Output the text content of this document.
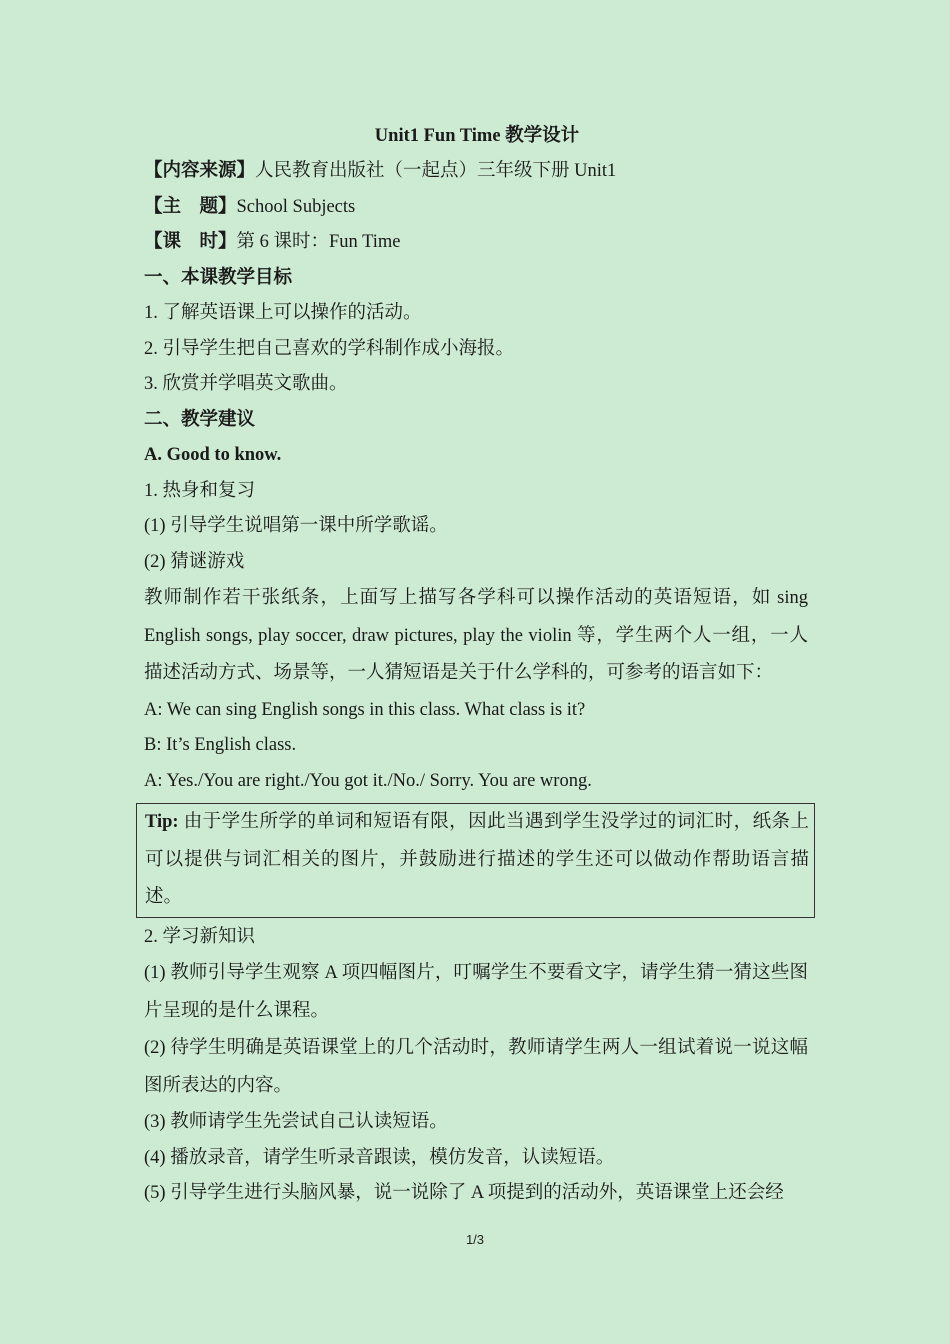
Unit1 Fun Time 教学设计
【内容来源】人民教育出版社（一起点）三年级下册 Unit1
【主　题】School Subjects
【课　时】第 6 课时：Fun Time
一、本课教学目标
1. 了解英语课上可以操作的活动。
2. 引导学生把自己喜欢的学科制作成小海报。
3. 欣赏并学唱英文歌曲。
二、教学建议
A. Good to know.
1. 热身和复习
(1) 引导学生说唱第一课中所学歌谣。
(2) 猜谜游戏
教师制作若干张纸条，上面写上描写各学科可以操作活动的英语短语，如 sing English songs, play soccer, draw pictures, play the violin 等，学生两个人一组，一人描述活动方式、场景等，一人猜短语是关于什么学科的，可参考的语言如下：
A: We can sing English songs in this class. What class is it?
B: It’s English class.
A: Yes./You are right./You got it./No./ Sorry. You are wrong.
Tip: 由于学生所学的单词和短语有限，因此当遇到学生没学过的词汇时，纸条上可以提供与词汇相关的图片，并鼓励进行描述的学生还可以做动作帮助语言描述。
2. 学习新知识
(1) 教师引导学生观察 A 项四幅图片，叮嘱学生不要看文字，请学生猜一猜这些图片呈现的是什么课程。
(2) 待学生明确是英语课堂上的几个活动时，教师请学生两人一组试着说一说这幅图所表达的内容。
(3) 教师请学生先尝试自己认读短语。
(4) 播放录音，请学生听录音跟读，模仿发音，认读短语。
(5) 引导学生进行头脑风暴，说一说除了 A 项提到的活动外，英语课堂上还会经
1/3
